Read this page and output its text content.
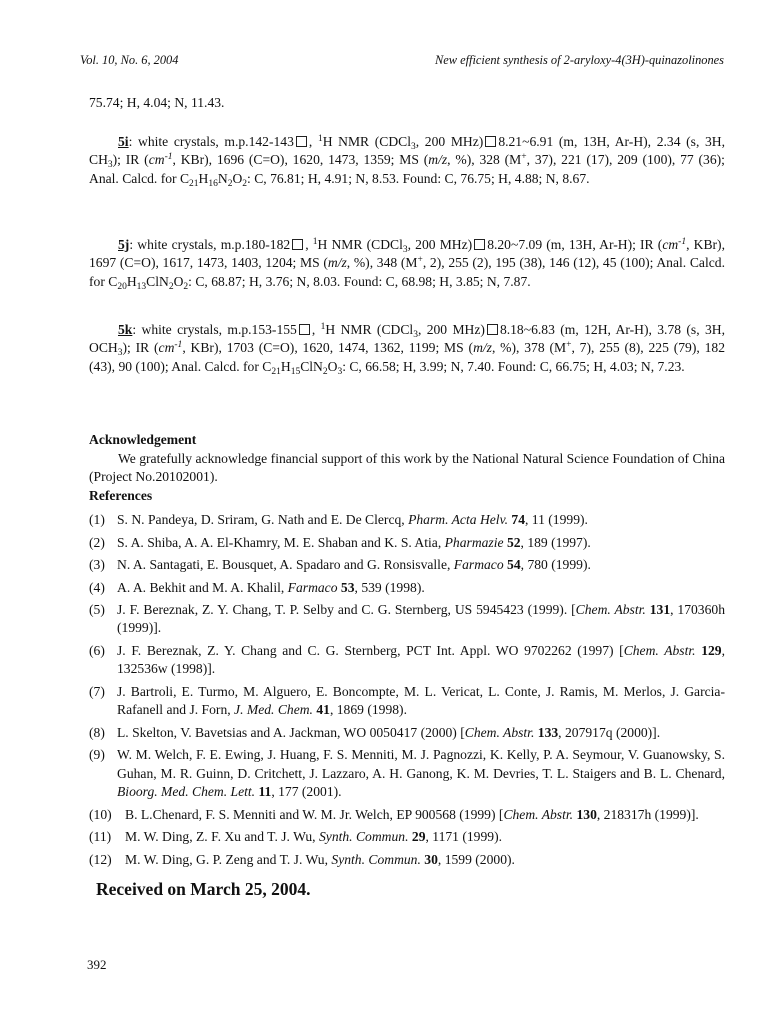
Vol. 10, No. 6, 2004	New efficient synthesis of 2-aryloxy-4(3H)-quinazolinones
75.74; H, 4.04; N, 11.43.

5i: white crystals, m.p.142-143 , $^1$H NMR (CDCl$_3$, 200 MHz) 8.21~6.91 (m, 13H, Ar-H), 2.34 (s, 3H, $CH_3$); IR ($cm^{-1}$, KBr), 1696 (C=O), 1620, 1473, 1359; MS (m/z, %), 328 (M+, 37), 221 (17), 209 (100), 77 (36); Anal. Calcd. for $C_{21}H_{16}N_2O_2$: C, 76.81; H, 4.91; N, 8.53. Found: C, 76.75; H, 4.88; N, 8.67.

5j: white crystals, m.p.180-182 , $^1$H NMR (CDCl$_3$, 200 MHz) 8.20~7.09 (m, 13H, Ar-H); IR ($cm^{-1}$, KBr), 1697 (C=O), 1617, 1473, 1403, 1204; MS (m/z, %), 348 (M+, 2), 255 (2), 195 (38), 146 (12), 45 (100); Anal. Calcd. for $C_{20}H_{13}ClN_2O_2$: C, 68.87; H, 3.76; N, 8.03. Found: C, 68.98; H, 3.85; N, 7.87.

5k: white crystals, m.p.153-155 , $^1$H NMR (CDCl$_3$, 200 MHz) 8.18~6.83 (m, 12H, Ar-H), 3.78 (s, 3H, $OCH_3$); IR ($cm^{-1}$, KBr), 1703 (C=O), 1620, 1474, 1362, 1199; MS (m/z, %), 378 (M+, 7), 255 (8), 225 (79), 182 (43), 90 (100); Anal. Calcd. for $C_{21}H_{15}ClN_2O_3$: C, 66.58; H, 3.99; N, 7.40. Found: C, 66.75; H, 4.03; N, 7.23.

Acknowledgement
We gratefully acknowledge financial support of this work by the National Natural Science Foundation of China (Project No.20102001).
References
(1) S. N. Pandeya, D. Sriram, G. Nath and E. De Clercq, Pharm. Acta Helv. 74, 11 (1999).
(2) S. A. Shiba, A. A. El-Khamry, M. E. Shaban and K. S. Atia, Pharmazie 52, 189 (1997).
(3) N. A. Santagati, E. Bousquet, A. Spadaro and G. Ronsisvalle, Farmaco 54, 780 (1999).
(4) A. A. Bekhit and M. A. Khalil, Farmaco 53, 539 (1998).
(5) J. F. Bereznak, Z. Y. Chang, T. P. Selby and C. G. Sternberg, US 5945423 (1999). [Chem. Abstr. 131, 170360h (1999)].
(6) J. F. Bereznak, Z. Y. Chang and C. G. Sternberg, PCT Int. Appl. WO 9702262 (1997) [Chem. Abstr. 129, 132536w (1998)].
(7) J. Bartroli, E. Turmo, M. Alguero, E. Boncompte, M. L. Vericat, L. Conte, J. Ramis, M. Merlos, J. Garcia-Rafanell and J. Forn, J. Med. Chem. 41, 1869 (1998).
(8) L. Skelton, V. Bavetsias and A. Jackman, WO 0050417 (2000) [Chem. Abstr. 133, 207917q (2000)].
(9) W. M. Welch, F. E. Ewing, J. Huang, F. S. Menniti, M. J. Pagnozzi, K. Kelly, P. A. Seymour, V. Guanowsky, S. Guhan, M. R. Guinn, D. Critchett, J. Lazzaro, A. H. Ganong, K. M. Devries, T. L. Staigers and B. L. Chenard, Bioorg. Med. Chem. Lett. 11, 177 (2001).
(10) B. L.Chenard, F. S. Menniti and W. M. Jr. Welch, EP 900568 (1999) [Chem. Abstr. 130, 218317h (1999)].
(11) M. W. Ding, Z. F. Xu and T. J. Wu, Synth. Commun. 29, 1171 (1999).
(12) M. W. Ding, G. P. Zeng and T. J. Wu, Synth. Commun. 30, 1599 (2000).
Received on March 25, 2004.
392
